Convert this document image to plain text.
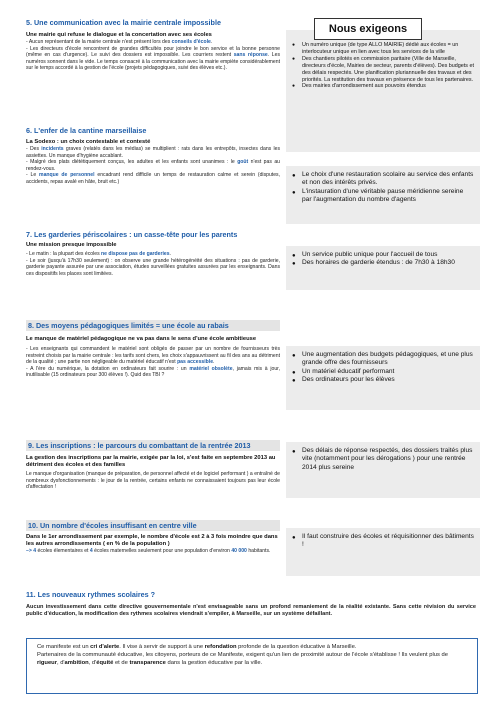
5. Une communication avec la mairie centrale impossible
Une mairie qui refuse le dialogue et la concertation avec ses écoles

- Aucun représentant de la mairie centrale n'est présent lors des conseils d'école.

- Les directeurs d'école rencontrent de grandes difficultés pour joindre le bon service et la bonne personne (même en cas d'urgence). Le suivi des dossiers est impossible. Les courriers restent sans réponse. Les numéros sonnent dans le vide. Le temps consacré à la communication avec la mairie empiète considérablement sur le temps accordé à la gestion de l'école (projets pédagogiques, suivi des élèves etc.).

6. L'enfer de la cantine marseillaise
La Sodexo : un choix contestable et contesté

- Des incidents graves (relatés dans les médias) se multiplient : rats dans les entrepôts, insectes dans les assiettes. Un manque d'hygiène accablant.

- Malgré des plats diététiquement conçus, les adultes et les enfants sont unanimes : le goût n'est pas au rendez-vous.

- Le manque de personnel encadrant rend difficile un temps de restauration calme et serein (disputes, accidents, repas avalé en hâte, bruit etc.)

7. Les garderies périscolaires : un casse-tête pour les parents
Une mission presque impossible

- Le matin : la plupart des écoles ne dispose pas de garderies.

- Le soir (jusqu'à 17h30 seulement) : on observe une grande hétérogénéité des situations : pas de garderie, garderie payante assurée par une association, études surveillées gratuites assurées par les enseignants. Dans ces dispositifs les places sont limitées.

8. Des moyens pédagogiques limités = une école au rabais
Le manque de matériel pédagogique ne va pas dans le sens d'une école ambitieuse

- Les enseignants qui commandent le matériel sont obligés de passer par un nombre de fournisseurs très restreint choisis par la mairie centrale : les tarifs sont chers, les choix s'appauvrissent au fil des ans au détriment de la qualité ; une partie non négligeable du matériel éducatif n'est pas accessible.

- A l'ère du numérique, la dotation en ordinateurs fait sourire : un matériel obsolète, jamais mis à jour, inutilisable (15 ordinateurs pour 300 élèves !). Quid des TBI ?

9. Les inscriptions : le parcours du combattant de la rentrée 2013
La gestion des inscriptions par la mairie, exigée par la loi, s'est faite en septembre 2013 au détriment des écoles et des familles

Le manque d'organisation (manque de préparation, de personnel affecté et de logiciel performant ) a entraîné de nombreux dysfonctionnements : le jour de la rentrée, certains enfants ne connaissaient toujours pas leur école d'affectation !

10. Un nombre d'écoles insuffisant en centre ville
Dans le 1er arrondissement par exemple, le nombre d'école est 2 à 3 fois moindre que dans les autres arrondissements ( en % de la population )

–> 4 écoles élementaires et 4 écoles maternelles seulement pour une population d'environ 40 000 habitants.

11. Les nouveaux rythmes scolaires ?

Aucun investissement dans cette directive gouvernementale n'est envisageable sans un profond remaniement de la réalité existante. Sans cette révision du service public d'éducation, la modification des rythmes scolaires viendrait s'empiler, à Marseille, sur un système défaillant.

● Un numéro unique (de type ALLO MAIRIE) dédié aux écoles = un interlocuteur unique en lien avec tous les services de la ville
● Des chantiers pilotés en commission paritaire (Ville de Marseille, directeurs d'école, Mairies de secteur, parents d'élèves). Des budgets et des délais respectés. Une planification pluriannuelle des travaux et des priorités. La restitution des travaux en présence de tous les partenaires.
● Des mairies d'arrondissement aux pouvoirs étendus
Nous exigeons
● Le choix d'une restauration scolaire au service des enfants et non des intérêts privés.
● L'instauration d'une véritable pause méridienne sereine par l'augmentation du nombre d'agents
● Un service public unique pour l'accueil de tous
● Des horaires de garderie étendus : de 7h30 à 18h30
● Une augmentation des budgets pédagogiques, et une plus grande offre des fournisseurs
● Un matériel éducatif performant
● Des ordinateurs pour les élèves
● Des délais de réponse respectés, des dossiers traités plus vite (notamment pour les dérogations ) pour une rentrée 2014 plus sereine
● Il faut construire des écoles et réquisitionner des bâtiments !

Ce manifeste est un cri d'alerte. Il vise à servir de support à une refondation profonde de la question éducative à Marseille.

Partenaires de la communauté éducative, les citoyens, porteurs de ce Manifeste, exigent qu'un lien de proximité autour de l'école s'établisse ! Ils veulent plus de rigueur, d'ambition, d'équité et de transparence dans la gestion éducative par la ville.
